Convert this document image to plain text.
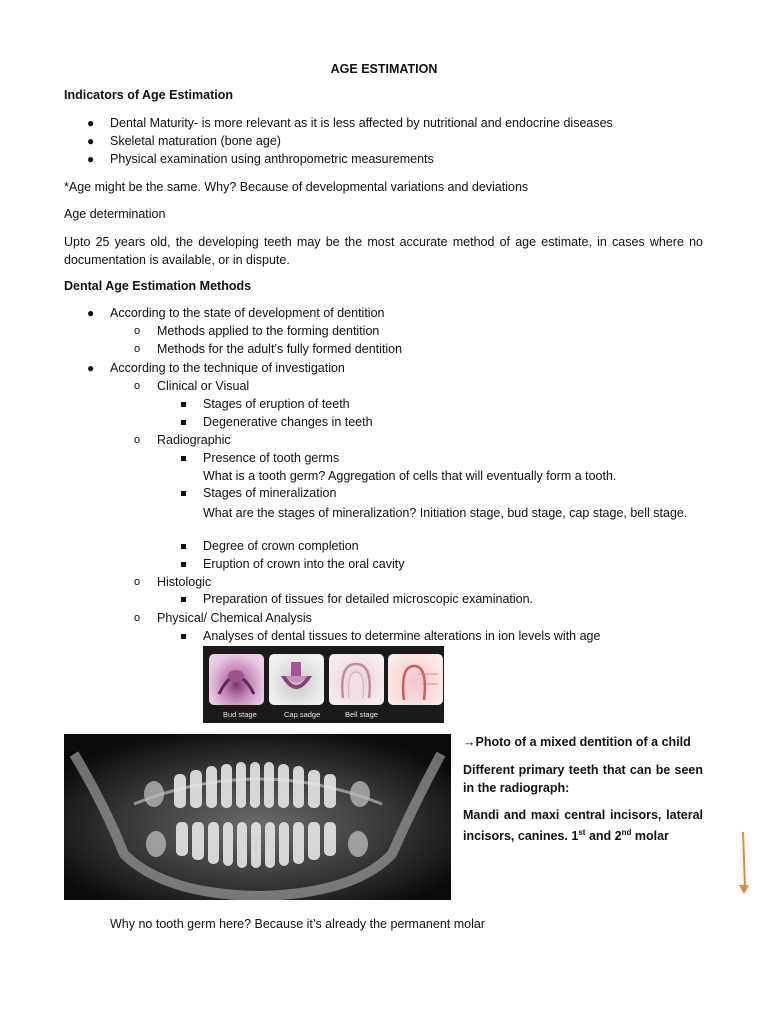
AGE ESTIMATION

Indicators of Age Estimation

● Dental Maturity- is more relevant as it is less affected by nutritional and endocrine diseases

● Skeletal maturation (bone age)

● Physical examination using anthropometric measurements

*Age might be the same. Why? Because of developmental variations and deviations

Age determination

Upto 25 years old, the developing teeth may be the most accurate method of age estimate, in cases where no documentation is available, or in dispute.

Dental Age Estimation Methods

● According to the state of development of dentition

o Methods applied to the forming dentition

o Methods for the adult’s fully formed dentition

● According to the technique of investigation

o Clinical or Visual

Stages of eruption of teeth

Degenerative changes in teeth

o Radiographic

Presence of tooth germs

What is a tooth germ? Aggregation of cells that will eventually form a tooth.

Stages of mineralization

What are the stages of mineralization? Initiation stage, bud stage, cap stage, bell stage.

Degree of crown completion

Eruption of crown into the oral cavity

o Histologic

Preparation of tissues for detailed microscopic examination.

o Physical/ Chemical Analysis

Analyses of dental tissues to determine alterations in ion levels with age

Bud stage	Cap sadge	Bell stage

→Photo of a mixed dentition of a child

Different primary teeth that can be seen in the radiograph:

Mandi and maxi central incisors, lateral incisors, canines. 1st and 2nd molar

Why no tooth germ here? Because it’s already the permanent molar
